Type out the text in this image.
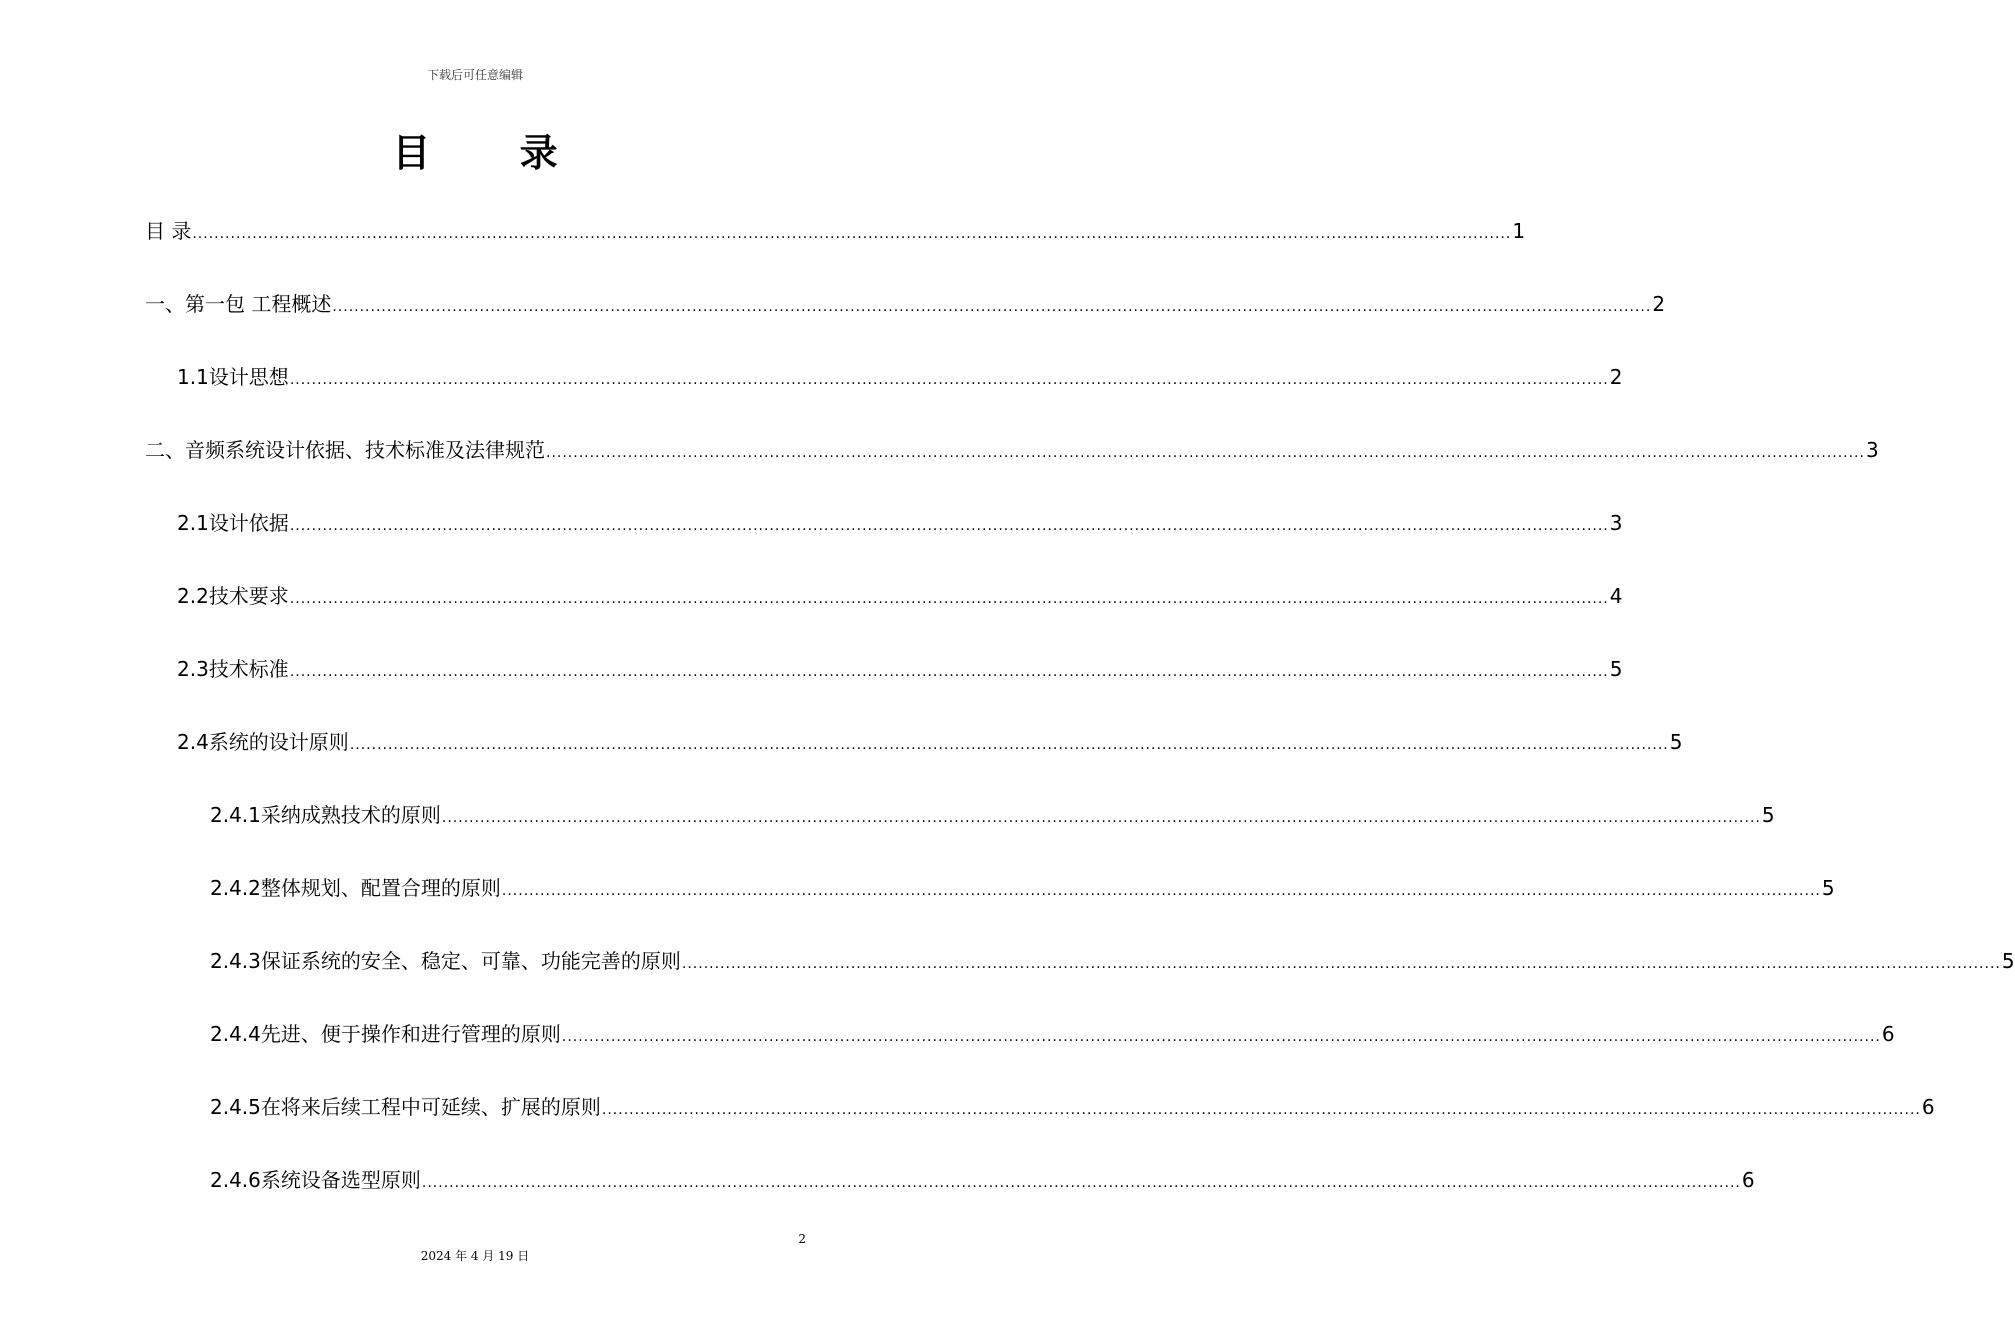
下载后可任意编辑
目 录
目 录 .....	1
一、 第一包 工程概述 .....	2
1.1 设计思想 .....	2
二、 音频系统设计依据、技术标准及法律规范 .....	3
2.1 设计依据 .....	3
2.2 技术要求 .....	4
2.3 技术标准 .....	5
2.4 系统的设计原则 .....	5
2.4.1 采纳成熟技术的原则 .....	5
2.4.2 整体规划、配置合理的原则 .....	5
2.4.3 保证系统的安全、稳定、可靠、功能完善的原则 .....	5
2.4.4 先进、便于操作和进行管理的原则 .....	6
2.4.5 在将来后续工程中可延续、扩展的原则 .....	6
2.4.6 系统设备选型原则 .....	6
2
2024 年 4 月 19 日
